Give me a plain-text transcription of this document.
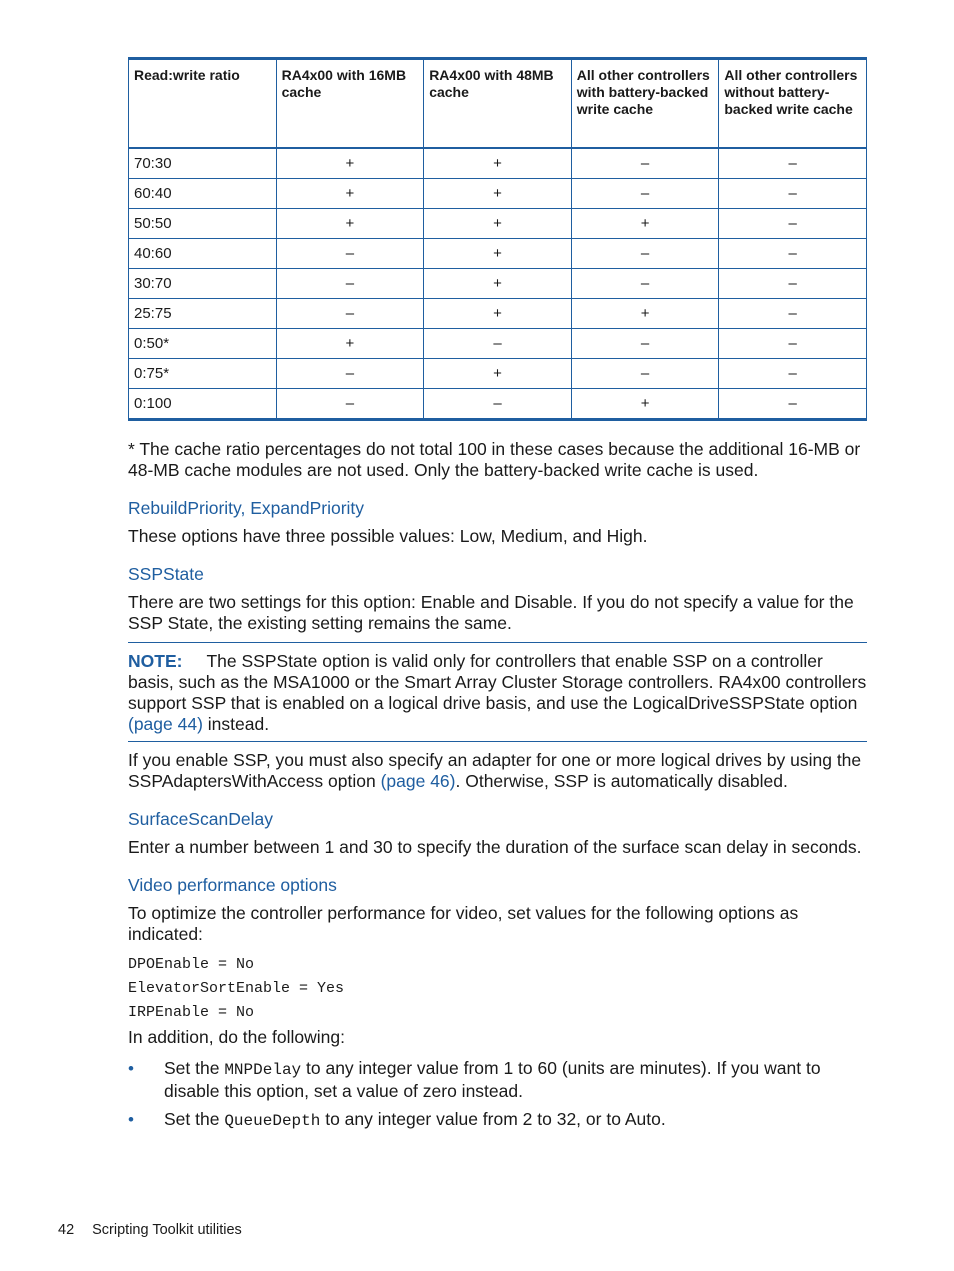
Read:write ratio	RA4x00 with 16MB cache	RA4x00 with 48MB cache	All other controllers with battery-backed write cache	All other controllers without battery-backed write cache
70:30	+	+	–	–
60:40	+	+	–	–
50:50	+	+	+	–
40:60	–	+	–	–
30:70	–	+	–	–
25:75	–	+	+	–
0:50*	+	–	–	–
0:75*	–	+	–	–
0:100	–	–	+	–

* The cache ratio percentages do not total 100 in these cases because the additional 16-MB or 48-MB cache modules are not used. Only the battery-backed write cache is used.

RebuildPriority, ExpandPriority

These options have three possible values: Low, Medium, and High.

SSPState

There are two settings for this option: Enable and Disable. If you do not specify a value for the SSP State, the existing setting remains the same.

NOTE: The SSPState option is valid only for controllers that enable SSP on a controller basis, such as the MSA1000 or the Smart Array Cluster Storage controllers. RA4x00 controllers support SSP that is enabled on a logical drive basis, and use the LogicalDriveSSPState option (page 44) instead.

If you enable SSP, you must also specify an adapter for one or more logical drives by using the SSPAdaptersWithAccess option (page 46). Otherwise, SSP is automatically disabled.

SurfaceScanDelay

Enter a number between 1 and 30 to specify the duration of the surface scan delay in seconds.

Video performance options

To optimize the controller performance for video, set values for the following options as indicated:

DPOEnable = No
ElevatorSortEnable = Yes
IRPEnable = No

In addition, do the following:

• Set the MNPDelay to any integer value from 1 to 60 (units are minutes). If you want to disable this option, set a value of zero instead.
• Set the QueueDepth to any integer value from 2 to 32, or to Auto.
42 Scripting Toolkit utilities
